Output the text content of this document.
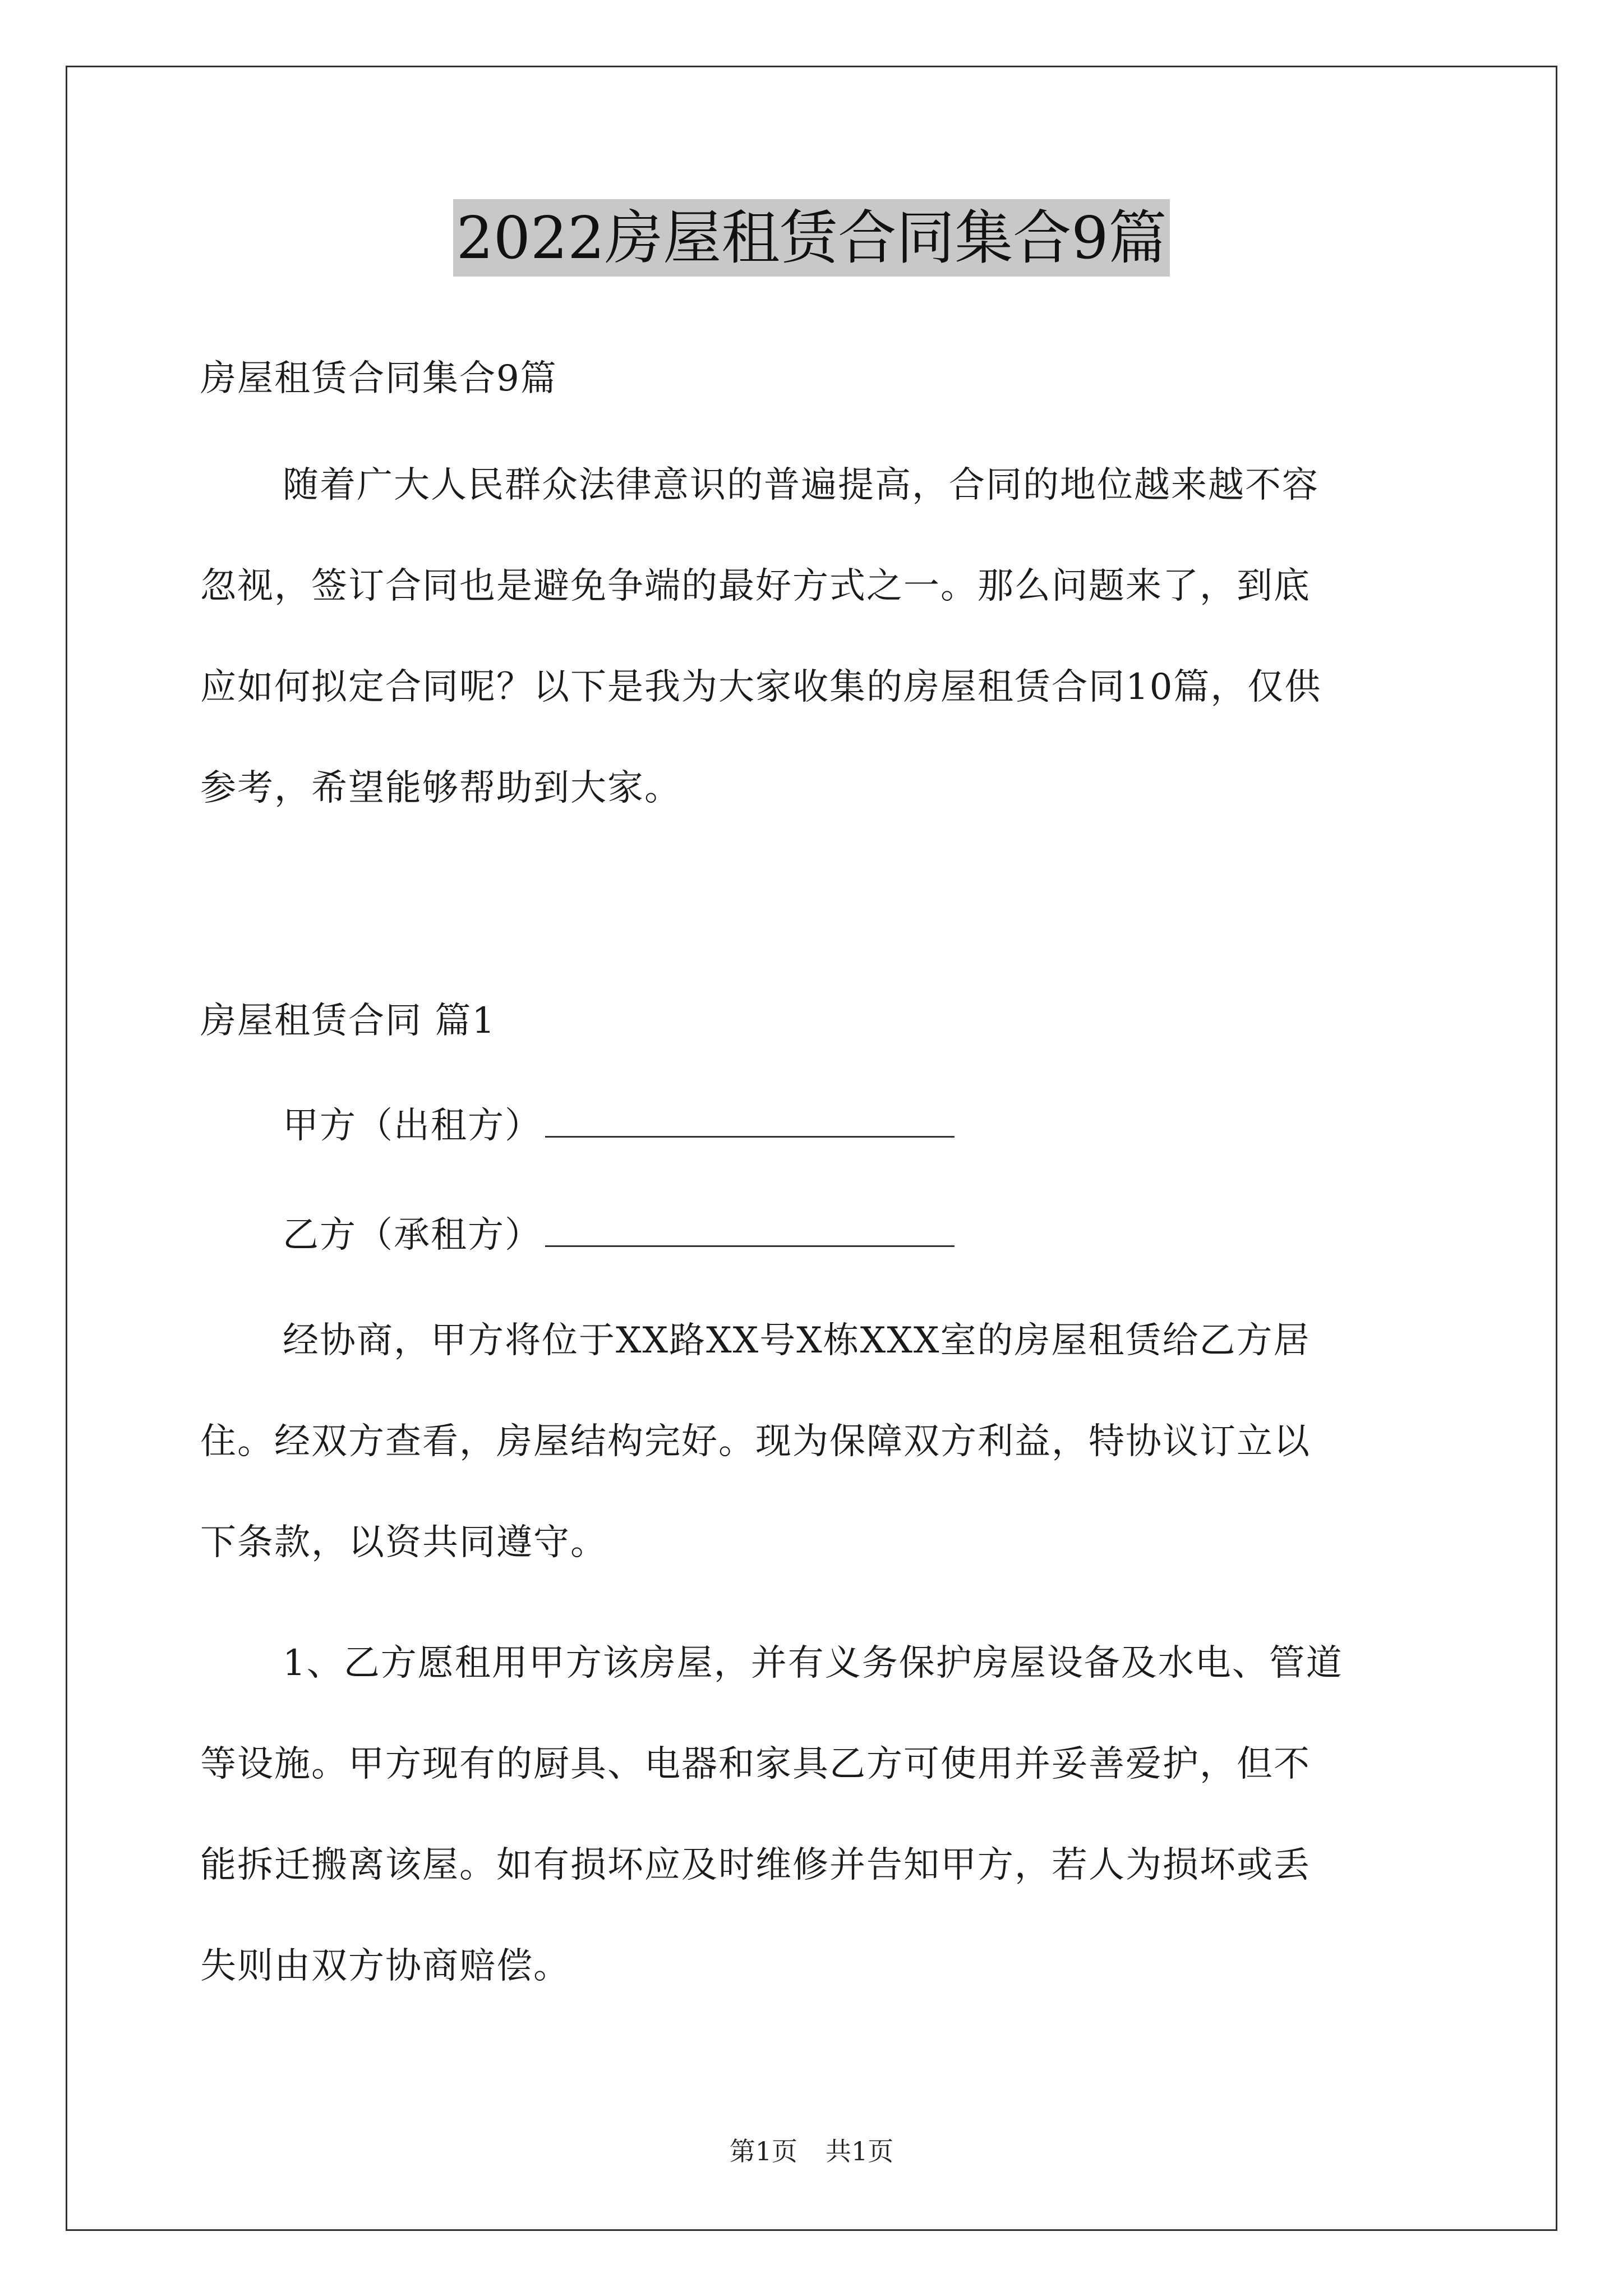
2022房屋租赁合同集合9篇
房屋租赁合同集合9篇
随着广大人民群众法律意识的普遍提高，合同的地位越来越不容
忽视，签订合同也是避免争端的最好方式之一。那么问题来了，到底
应如何拟定合同呢？以下是我为大家收集的房屋租赁合同10篇，仅供
参考，希望能够帮助到大家。
房屋租赁合同 篇1
甲方（出租方）
乙方（承租方）
经协商，甲方将位于XX路XX号X栋XXX室的房屋租赁给乙方居
住。经双方查看，房屋结构完好。现为保障双方利益，特协议订立以
下条款，以资共同遵守。
1、乙方愿租用甲方该房屋，并有义务保护房屋设备及水电、管道
等设施。甲方现有的厨具、电器和家具乙方可使用并妥善爱护，但不
能拆迁搬离该屋。如有损坏应及时维修并告知甲方，若人为损坏或丢
失则由双方协商赔偿。
第1页 共1页
